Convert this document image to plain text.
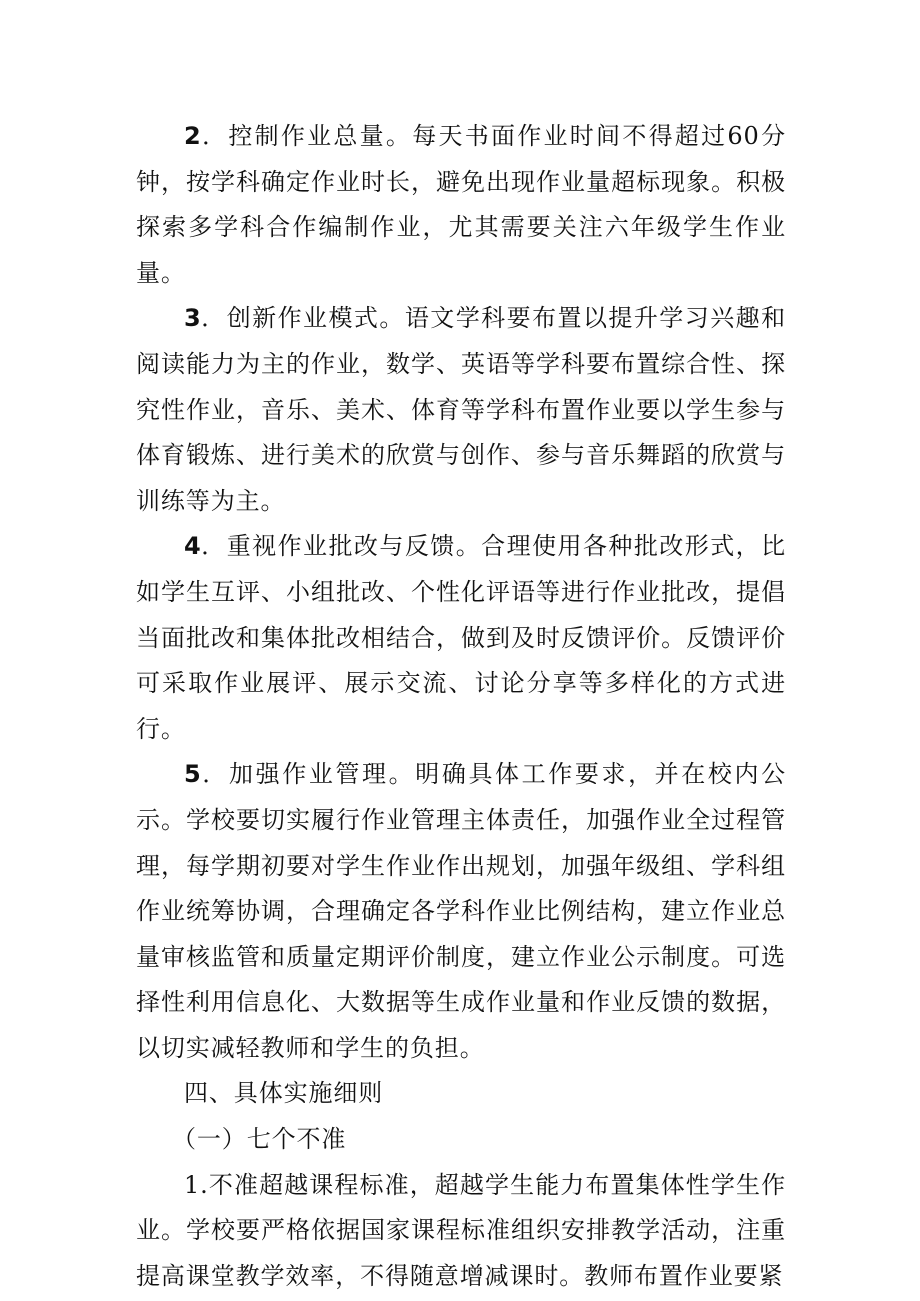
2．控制作业总量。每天书面作业时间不得超过60分钟，按学科确定作业时长，避免出现作业量超标现象。积极探索多学科合作编制作业，尤其需要关注六年级学生作业量。

3．创新作业模式。语文学科要布置以提升学习兴趣和阅读能力为主的作业，数学、英语等学科要布置综合性、探究性作业，音乐、美术、体育等学科布置作业要以学生参与体育锻炼、进行美术的欣赏与创作、参与音乐舞蹈的欣赏与训练等为主。

4．重视作业批改与反馈。合理使用各种批改形式，比如学生互评、小组批改、个性化评语等进行作业批改，提倡当面批改和集体批改相结合，做到及时反馈评价。反馈评价可采取作业展评、展示交流、讨论分享等多样化的方式进行。

5．加强作业管理。明确具体工作要求，并在校内公示。学校要切实履行作业管理主体责任，加强作业全过程管理，每学期初要对学生作业作出规划，加强年级组、学科组作业统筹协调，合理确定各学科作业比例结构，建立作业总量审核监管和质量定期评价制度，建立作业公示制度。可选择性利用信息化、大数据等生成作业量和作业反馈的数据，以切实减轻教师和学生的负担。

四、具体实施细则

（一）七个不准

1.不准超越课程标准，超越学生能力布置集体性学生作业。学校要严格依据国家课程标准组织安排教学活动，注重提高课堂教学效率，不得随意增减课时。教师布置作业要紧
